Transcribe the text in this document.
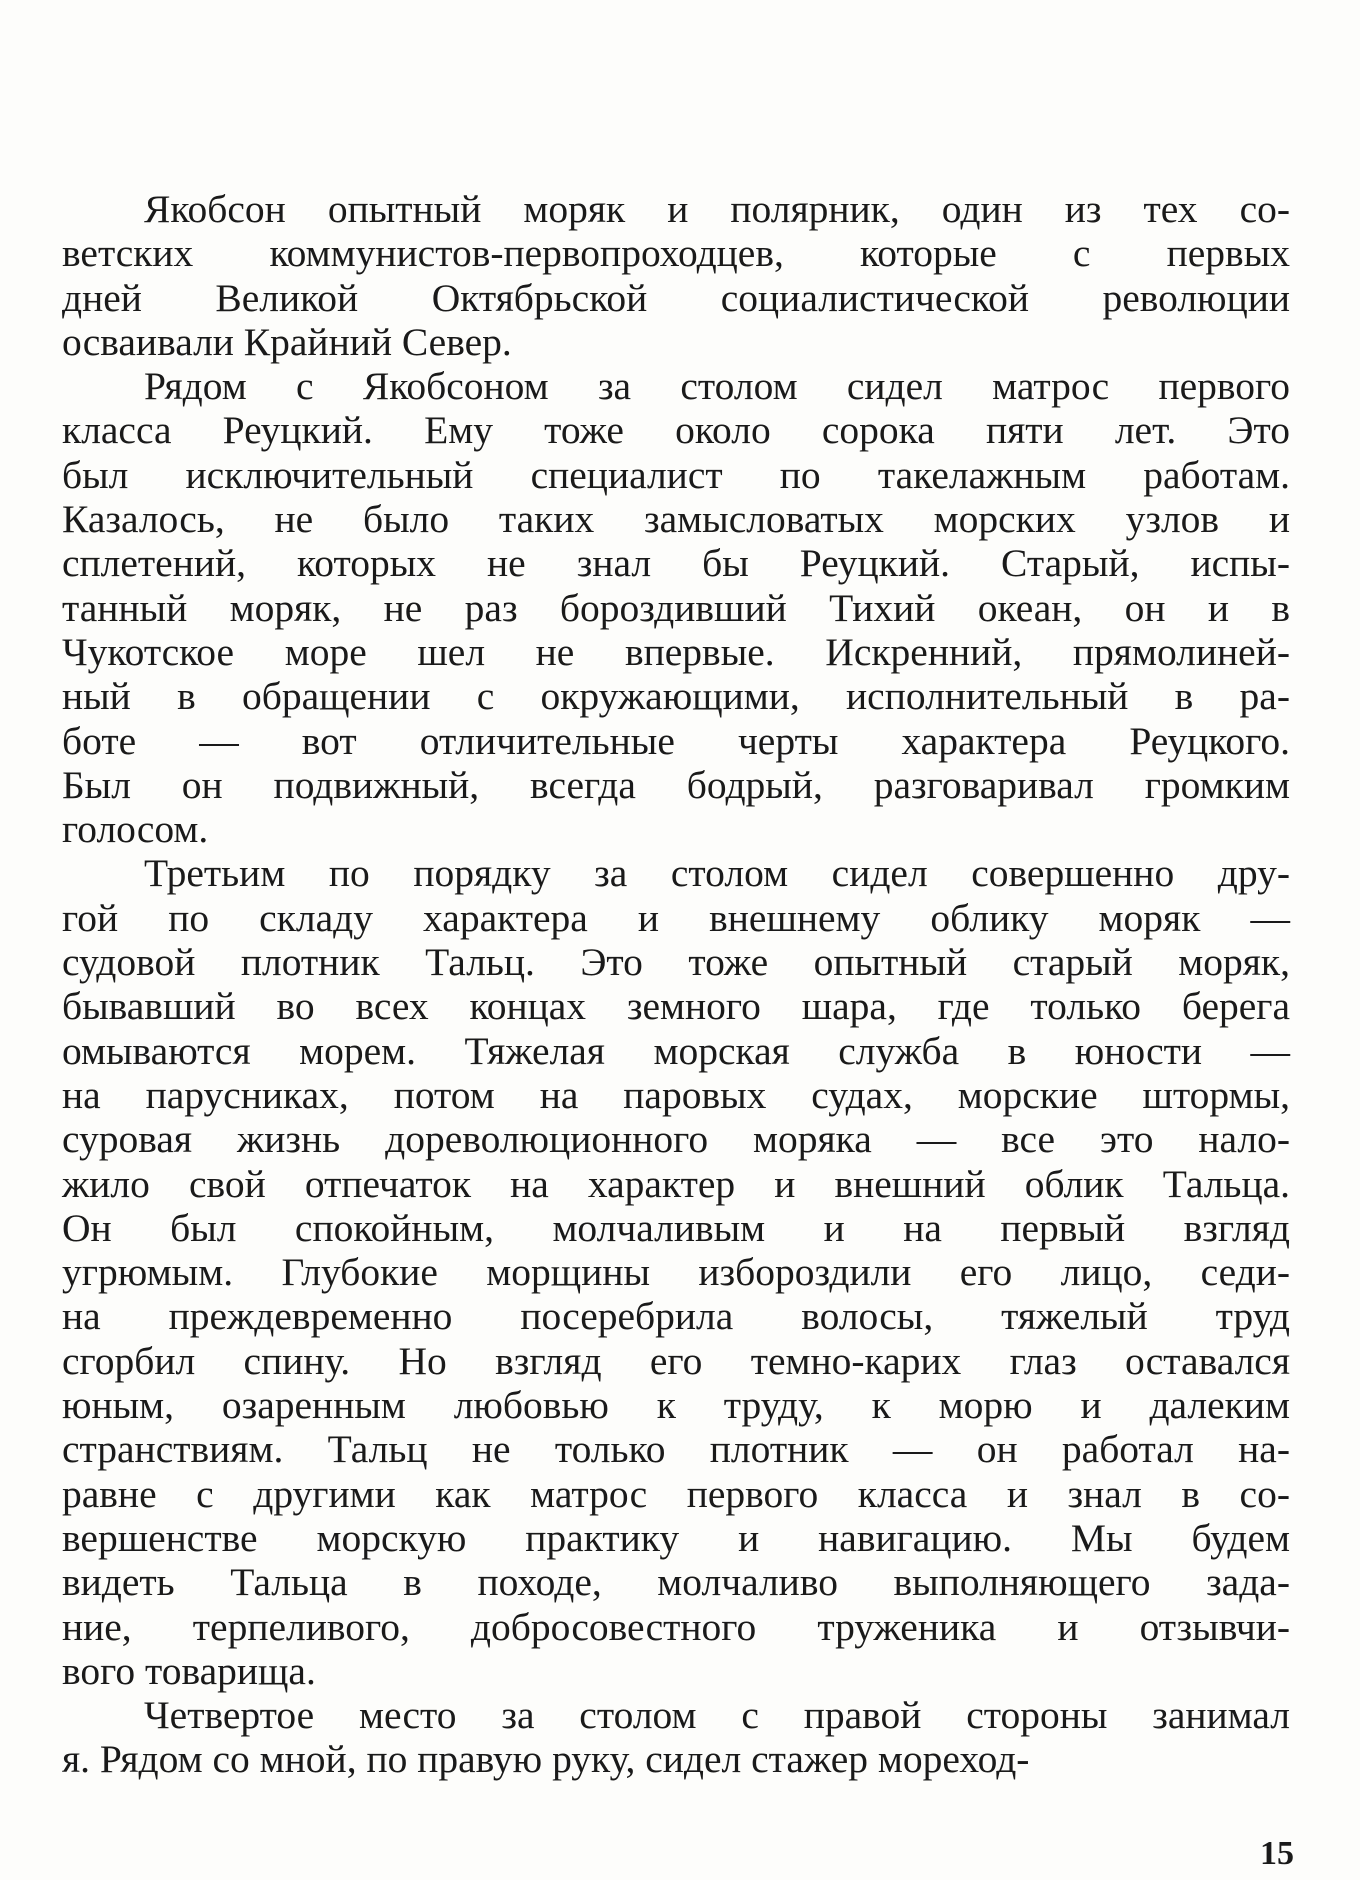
Якобсон опытный моряк и полярник, один из тех со-
ветских коммунистов-первопроходцев, которые с первых
дней Великой Октябрьской социалистической революции
осваивали Крайний Север.
Рядом с Якобсоном за столом сидел матрос первого
класса Реуцкий. Ему тоже около сорока пяти лет. Это
был исключительный специалист по такелажным работам.
Казалось, не было таких замысловатых морских узлов и
сплетений, которых не знал бы Реуцкий. Старый, испы-
танный моряк, не раз бороздивший Тихий океан, он и в
Чукотское море шел не впервые. Искренний, прямолиней-
ный в обращении с окружающими, исполнительный в ра-
боте — вот отличительные черты характера Реуцкого.
Был он подвижный, всегда бодрый, разговаривал громким
голосом.
Третьим по порядку за столом сидел совершенно дру-
гой по складу характера и внешнему облику моряк —
судовой плотник Тальц. Это тоже опытный старый моряк,
бывавший во всех концах земного шара, где только берега
омываются морем. Тяжелая морская служба в юности —
на парусниках, потом на паровых судах, морские штормы,
суровая жизнь дореволюционного моряка — все это нало-
жило свой отпечаток на характер и внешний облик Тальца.
Он был спокойным, молчаливым и на первый взгляд
угрюмым. Глубокие морщины избороздили его лицо, седи-
на преждевременно посеребрила волосы, тяжелый труд
сгорбил спину. Но взгляд его темно-карих глаз оставался
юным, озаренным любовью к труду, к морю и далеким
странствиям. Тальц не только плотник — он работал на-
равне с другими как матрос первого класса и знал в со-
вершенстве морскую практику и навигацию. Мы будем
видеть Тальца в походе, молчаливо выполняющего зада-
ние, терпеливого, добросовестного труженика и отзывчи-
вого товарища.
Четвертое место за столом с правой стороны занимал
я. Рядом со мной, по правую руку, сидел стажер мореход-
15
